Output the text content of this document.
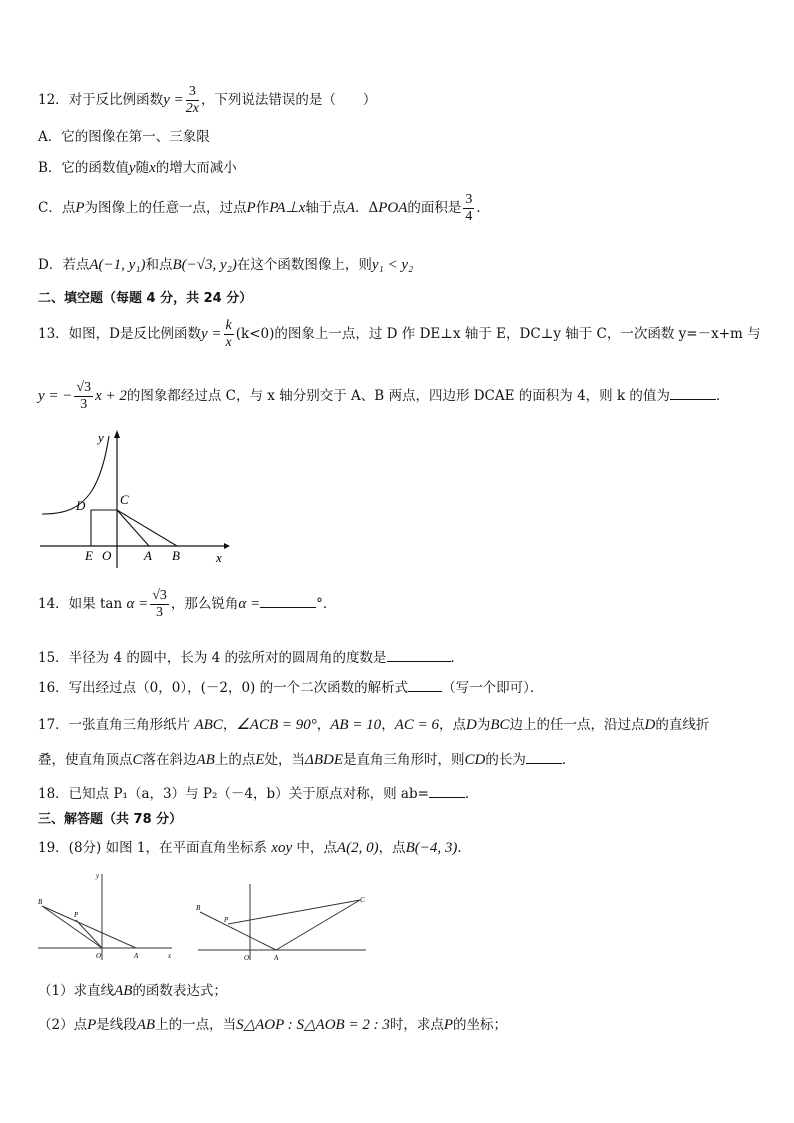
12．对于反比例函数$y = \frac{3}{2x}$ ，下列说法错误的是（　　）
A．它的图像在第一、三象限
B．它的函数值y随x的增大而减小
C．点P为图像上的任意一点，过点P作PA⊥x轴于点A．ΔPOA的面积是 $\frac{3}{4}$ ．
D．若点A(−1, y₁)和点B(−√3, y₂)在这个函数图像上，则y₁ < y₂
二、填空题（每题 4 分，共 24 分）
13．如图，D是反比例函数$y = \frac{k}{x} (k<0)$的图象上一点，过 D 作 DE⊥x 轴于 E，DC⊥y 轴于 C，一次函数 y=－x+m 与
y = − $\frac{√3}{3}$ x + 2的图象都经过点 C，与 x 轴分别交于 A、B 两点，四边形 DCAE 的面积为 4，则 k 的值为	．
y
x
D	C
E O	A B
14．如果 $\tan \alpha = \frac{√3}{3}$ ，那么锐角α =	°．
15．半径为 4 的圆中，长为 4 的弦所对的圆周角的度数是	．
16．写出经过点（0，0），(－2，0) 的一个二次函数的解析式	（写一个即可）．
17．一张直角三角形纸片 ABC，∠ACB = 90°，AB = 10，AC = 6，点D为BC边上的任一点，沿过点D的直线折
叠，使直角顶点C落在斜边AB上的点E处，当ΔBDE是直角三角形时，则CD的长为	．
18．已知点 P₁（a，3）与 P₂（－4，b）关于原点对称，则 ab=	．
三、解答题（共 78 分）
19．(8分) 如图 1，在平面直角坐标系 xoy 中，点A(2, 0)，点B(−4, 3).
y
x
B
P
O	A
B
P
O	A
C
（1）求直线AB的函数表达式；
（2）点P是线段AB上的一点，当S△AOP : S△AOB = 2 : 3时，求点P的坐标；
